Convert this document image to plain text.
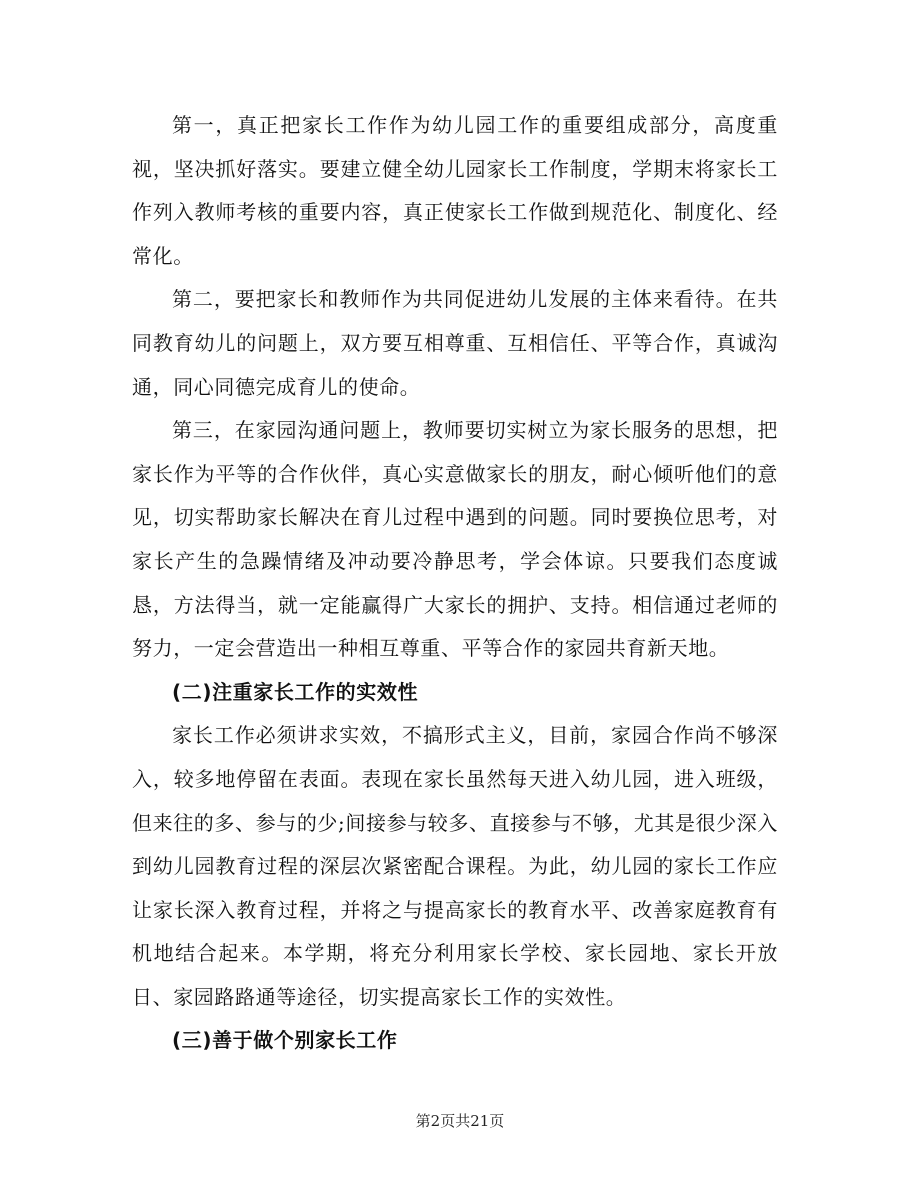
第一，真正把家长工作作为幼儿园工作的重要组成部分，高度重视，坚决抓好落实。要建立健全幼儿园家长工作制度，学期末将家长工作列入教师考核的重要内容，真正使家长工作做到规范化、制度化、经常化。

第二，要把家长和教师作为共同促进幼儿发展的主体来看待。在共同教育幼儿的问题上，双方要互相尊重、互相信任、平等合作，真诚沟通，同心同德完成育儿的使命。

第三，在家园沟通问题上，教师要切实树立为家长服务的思想，把家长作为平等的合作伙伴，真心实意做家长的朋友，耐心倾听他们的意见，切实帮助家长解决在育儿过程中遇到的问题。同时要换位思考，对家长产生的急躁情绪及冲动要冷静思考，学会体谅。只要我们态度诚恳，方法得当，就一定能赢得广大家长的拥护、支持。相信通过老师的努力，一定会营造出一种相互尊重、平等合作的家园共育新天地。

(二)注重家长工作的实效性

家长工作必须讲求实效，不搞形式主义，目前，家园合作尚不够深入，较多地停留在表面。表现在家长虽然每天进入幼儿园，进入班级，但来往的多、参与的少;间接参与较多、直接参与不够，尤其是很少深入到幼儿园教育过程的深层次紧密配合课程。为此，幼儿园的家长工作应让家长深入教育过程，并将之与提高家长的教育水平、改善家庭教育有机地结合起来。本学期，将充分利用家长学校、家长园地、家长开放日、家园路路通等途径，切实提高家长工作的实效性。

(三)善于做个别家长工作

第2页共21页
